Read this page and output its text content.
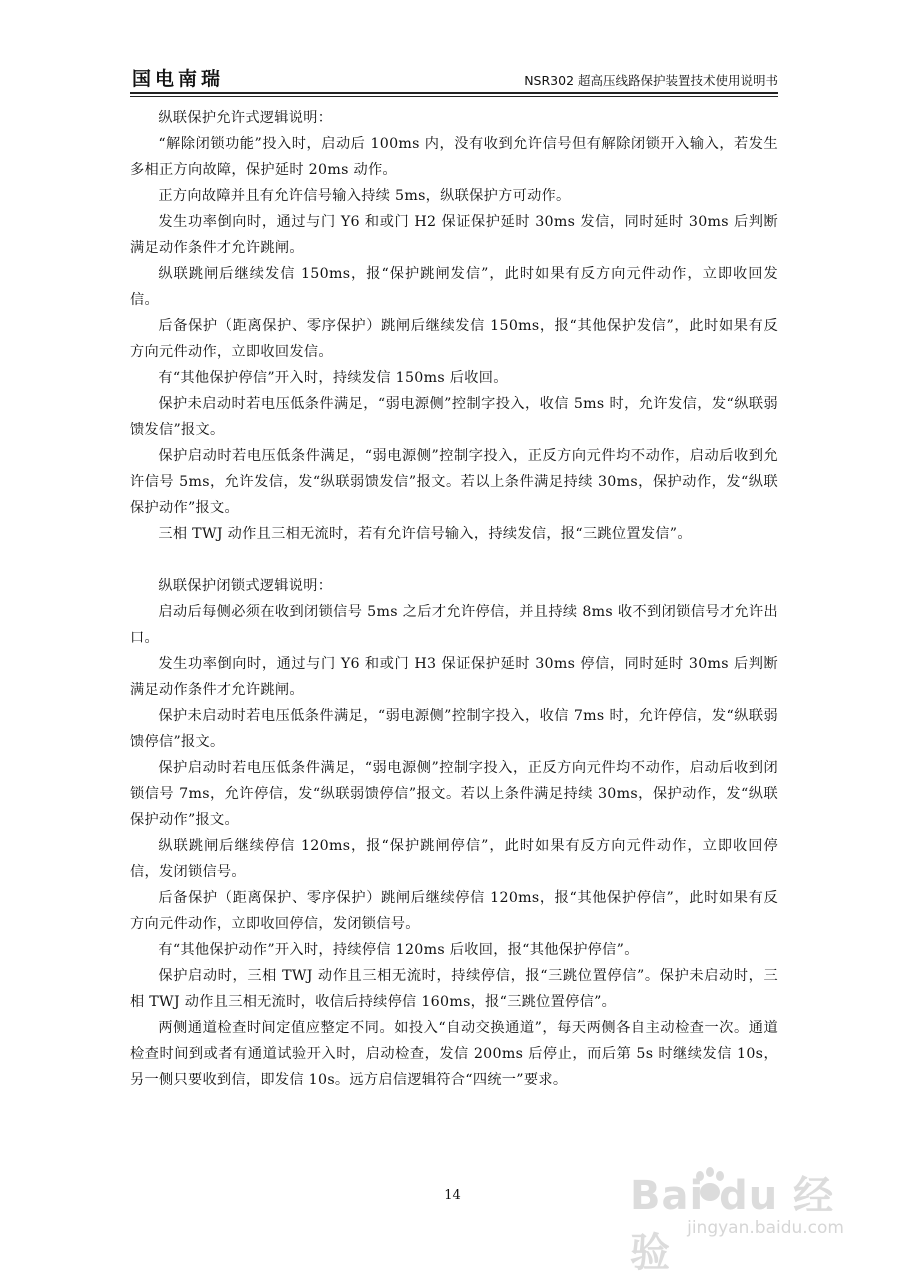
国电南瑞	NSR302 超高压线路保护装置技术使用说明书

纵联保护允许式逻辑说明：

“解除闭锁功能”投入时，启动后 100ms 内，没有收到允许信号但有解除闭锁开入输入，若发生多相正方向故障，保护延时 20ms 动作。

正方向故障并且有允许信号输入持续 5ms，纵联保护方可动作。

发生功率倒向时，通过与门 Y6 和或门 H2 保证保护延时 30ms 发信，同时延时 30ms 后判断满足动作条件才允许跳闸。

纵联跳闸后继续发信 150ms，报“保护跳闸发信”，此时如果有反方向元件动作，立即收回发信。

后备保护（距离保护、零序保护）跳闸后继续发信 150ms，报“其他保护发信”，此时如果有反方向元件动作，立即收回发信。

有“其他保护停信”开入时，持续发信 150ms 后收回。

保护未启动时若电压低条件满足，“弱电源侧”控制字投入，收信 5ms 时，允许发信，发“纵联弱馈发信”报文。

保护启动时若电压低条件满足，“弱电源侧”控制字投入，正反方向元件均不动作，启动后收到允许信号 5ms，允许发信，发“纵联弱馈发信”报文。若以上条件满足持续 30ms，保护动作，发“纵联保护动作”报文。

三相 TWJ 动作且三相无流时，若有允许信号输入，持续发信，报“三跳位置发信”。

纵联保护闭锁式逻辑说明：

启动后每侧必须在收到闭锁信号 5ms 之后才允许停信，并且持续 8ms 收不到闭锁信号才允许出口。

发生功率倒向时，通过与门 Y6 和或门 H3 保证保护延时 30ms 停信，同时延时 30ms 后判断满足动作条件才允许跳闸。

保护未启动时若电压低条件满足，“弱电源侧”控制字投入，收信 7ms 时，允许停信，发“纵联弱馈停信”报文。

保护启动时若电压低条件满足，“弱电源侧”控制字投入，正反方向元件均不动作，启动后收到闭锁信号 7ms，允许停信，发“纵联弱馈停信”报文。若以上条件满足持续 30ms，保护动作，发“纵联保护动作”报文。

纵联跳闸后继续停信 120ms，报“保护跳闸停信”，此时如果有反方向元件动作，立即收回停信，发闭锁信号。

后备保护（距离保护、零序保护）跳闸后继续停信 120ms，报“其他保护停信”，此时如果有反方向元件动作，立即收回停信，发闭锁信号。

有“其他保护动作”开入时，持续停信 120ms 后收回，报“其他保护停信”。

保护启动时，三相 TWJ 动作且三相无流时，持续停信，报“三跳位置停信”。保护未启动时，三相 TWJ 动作且三相无流时，收信后持续停信 160ms，报“三跳位置停信”。

两侧通道检查时间定值应整定不同。如投入“自动交换通道”，每天两侧各自主动检查一次。通道检查时间到或者有通道试验开入时，启动检查，发信 200ms 后停止，而后第 5s 时继续发信 10s，另一侧只要收到信，即发信 10s。远方启信逻辑符合“四统一”要求。

14	Bai du 经验
jingyan.baidu.com
